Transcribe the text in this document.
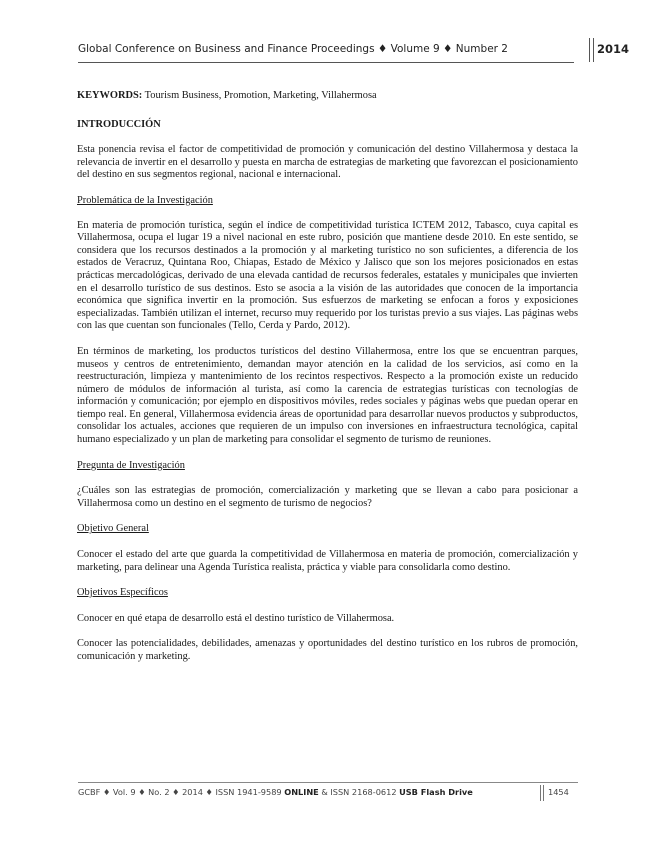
Global Conference on Business and Finance Proceedings ♦ Volume 9 ♦ Number 2	2014

KEYWORDS: Tourism Business, Promotion, Marketing, Villahermosa

INTRODUCCIÓN

Esta ponencia revisa el factor de competitividad de promoción y comunicación del destino Villahermosa y destaca la relevancia de invertir en el desarrollo y puesta en marcha de estrategias de marketing que favorezcan el posicionamiento del destino en sus segmentos regional, nacional e internacional.

Problemática de la Investigación

En materia de promoción turística, según el índice de competitividad turística ICTEM 2012, Tabasco, cuya capital es Villahermosa, ocupa el lugar 19 a nivel nacional en este rubro, posición que mantiene desde 2010. En este sentido, se considera que los recursos destinados a la promoción y al marketing turístico no son suficientes, a diferencia de los estados de Veracruz, Quintana Roo, Chiapas, Estado de México y Jalisco que son los mejores posicionados en estas prácticas mercadológicas, derivado de una elevada cantidad de recursos federales, estatales y municipales que invierten en el desarrollo turístico de sus destinos. Esto se asocia a la visión de las autoridades que conocen de la importancia económica que significa invertir en la promoción. Sus esfuerzos de marketing se enfocan a foros y exposiciones especializadas. También utilizan el internet, recurso muy requerido por los turistas previo a sus viajes. Las páginas webs con las que cuentan son funcionales (Tello, Cerda y Pardo, 2012).

En términos de marketing, los productos turísticos del destino Villahermosa, entre los que se encuentran parques, museos y centros de entretenimiento, demandan mayor atención en la calidad de los servicios, así como en la reestructuración, limpieza y mantenimiento de los recintos respectivos. Respecto a la promoción existe un reducido número de módulos de información al turista, así como la carencia de estrategias turísticas con tecnologías de información y comunicación; por ejemplo en dispositivos móviles, redes sociales y páginas webs que puedan operar en tiempo real. En general, Villahermosa evidencia áreas de oportunidad para desarrollar nuevos productos y subproductos, consolidar los actuales, acciones que requieren de un impulso con inversiones en infraestructura tecnológica, capital humano especializado y un plan de marketing para consolidar el segmento de turismo de reuniones.

Pregunta de Investigación

¿Cuáles son las estrategias de promoción, comercialización y marketing que se llevan a cabo para posicionar a Villahermosa como un destino en el segmento de turismo de negocios?

Objetivo General

Conocer el estado del arte que guarda la competitividad de Villahermosa en materia de promoción, comercialización y marketing, para delinear una Agenda Turística realista, práctica y viable para consolidarla como destino.

Objetivos Específicos

Conocer en qué etapa de desarrollo está el destino turístico de Villahermosa.

Conocer las potencialidades, debilidades, amenazas y oportunidades del destino turístico en los rubros de promoción, comunicación y marketing.

GCBF ♦ Vol. 9 ♦ No. 2 ♦ 2014 ♦ ISSN 1941-9589 ONLINE & ISSN 2168-0612 USB Flash Drive	1454
